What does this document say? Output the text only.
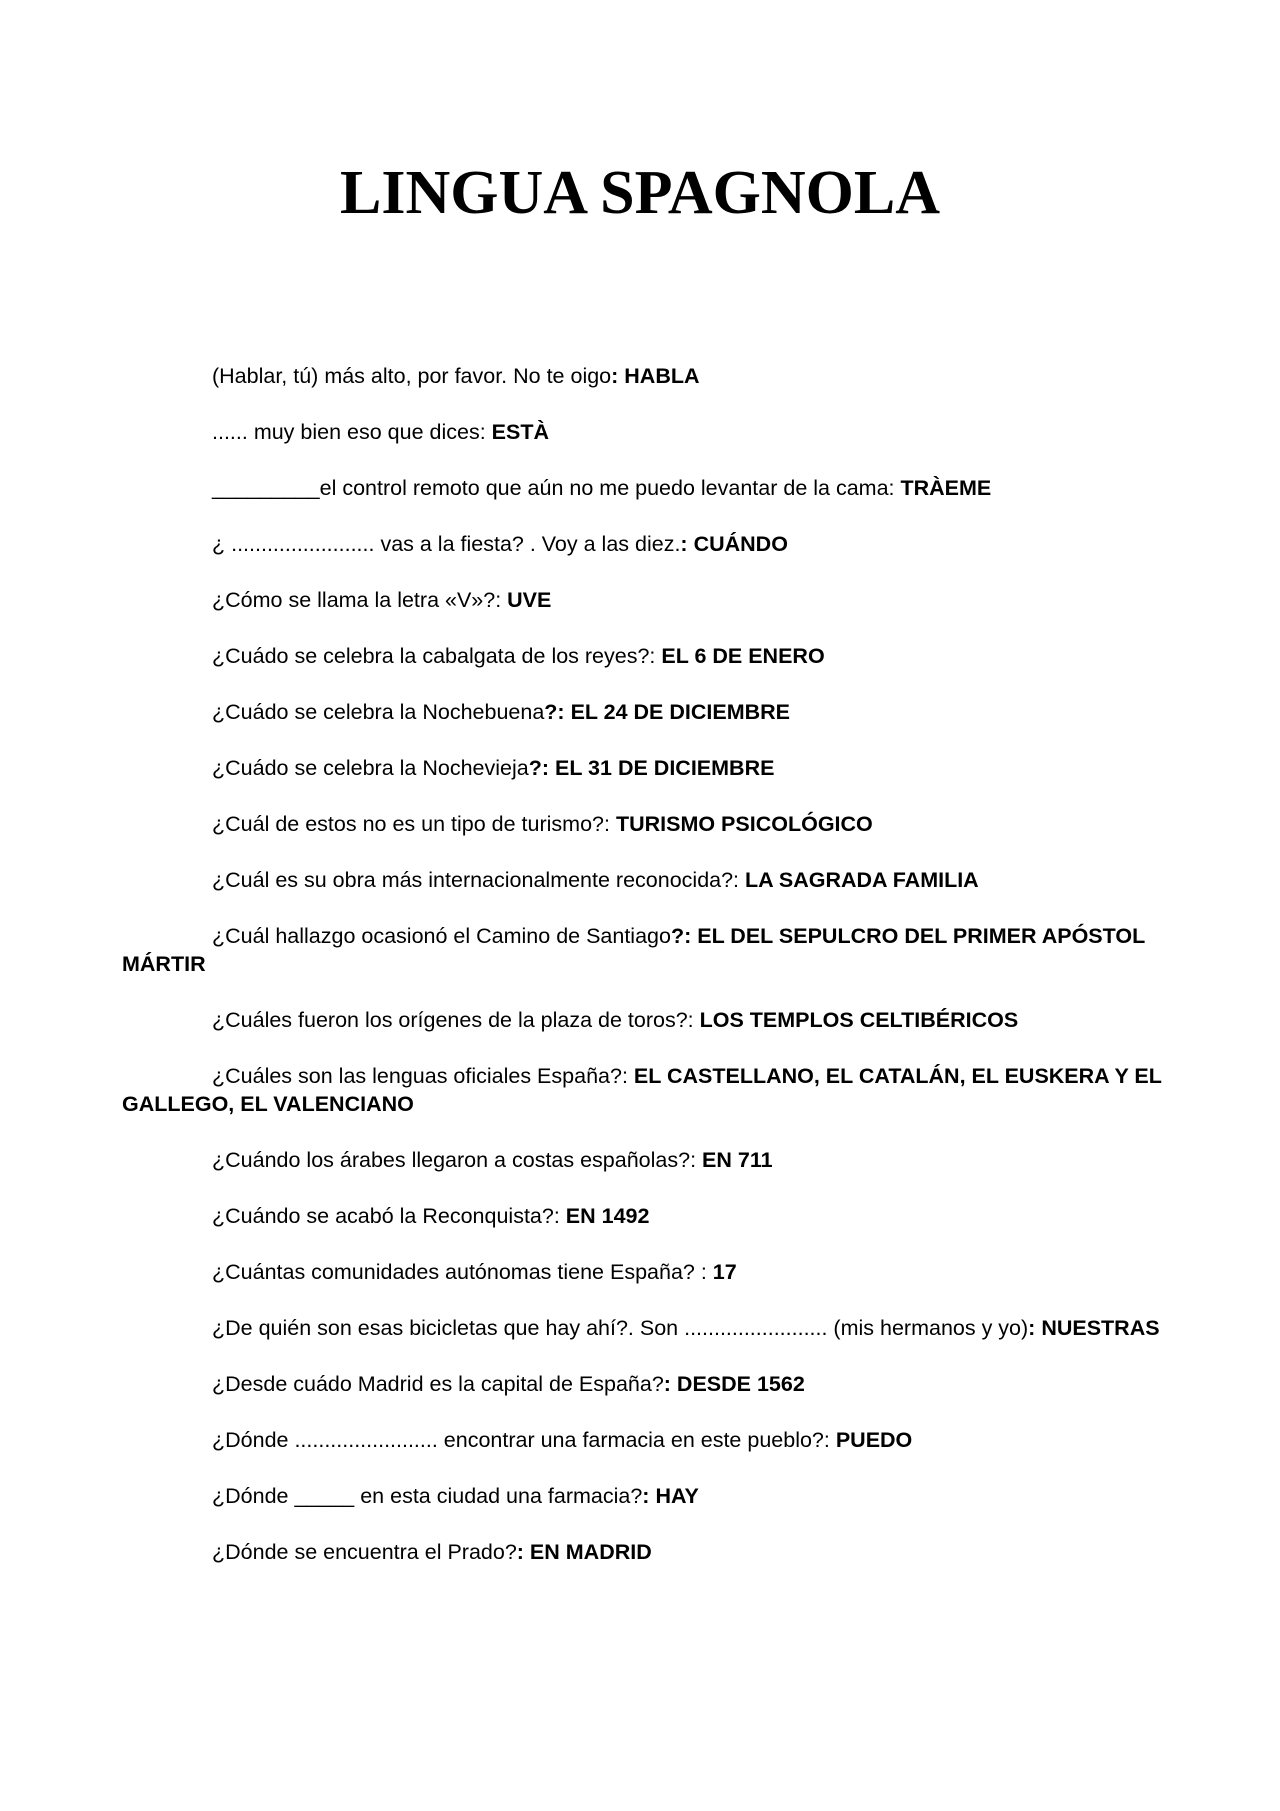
LINGUA SPAGNOLA

(Hablar, tú) más alto, por favor. No te oigo: HABLA

...... muy bien eso que dices: ESTÀ

_________el control remoto que aún no me puedo levantar de la cama: TRÀEME

¿ ........................ vas a la fiesta? . Voy a las diez.: CUÁNDO

¿Cómo se llama la letra «V»?: UVE

¿Cuádo se celebra la cabalgata de los reyes?: EL 6 DE ENERO

¿Cuádo se celebra la Nochebuena?: EL 24 DE DICIEMBRE

¿Cuádo se celebra la Nochevieja?: EL 31 DE DICIEMBRE

¿Cuál de estos no es un tipo de turismo?: TURISMO PSICOLÓGICO

¿Cuál es su obra más internacionalmente reconocida?: LA SAGRADA FAMILIA

¿Cuál hallazgo ocasionó el Camino de Santiago?: EL DEL SEPULCRO DEL PRIMER APÓSTOL MÁRTIR

¿Cuáles fueron los orígenes de la plaza de toros?: LOS TEMPLOS CELTIBÉRICOS

¿Cuáles son las lenguas oficiales España?: EL CASTELLANO, EL CATALÁN, EL EUSKERA Y EL
GALLEGO, EL VALENCIANO

¿Cuándo los árabes llegaron a costas españolas?: EN 711

¿Cuándo se acabó la Reconquista?: EN 1492

¿Cuántas comunidades autónomas tiene España? : 17

¿De quién son esas bicicletas que hay ahí?. Son ........................ (mis hermanos y yo): NUESTRAS

¿Desde cuádo Madrid es la capital de España?: DESDE 1562

¿Dónde ........................ encontrar una farmacia en este pueblo?: PUEDO

¿Dónde _____ en esta ciudad una farmacia?: HAY

¿Dónde se encuentra el Prado?: EN MADRID
